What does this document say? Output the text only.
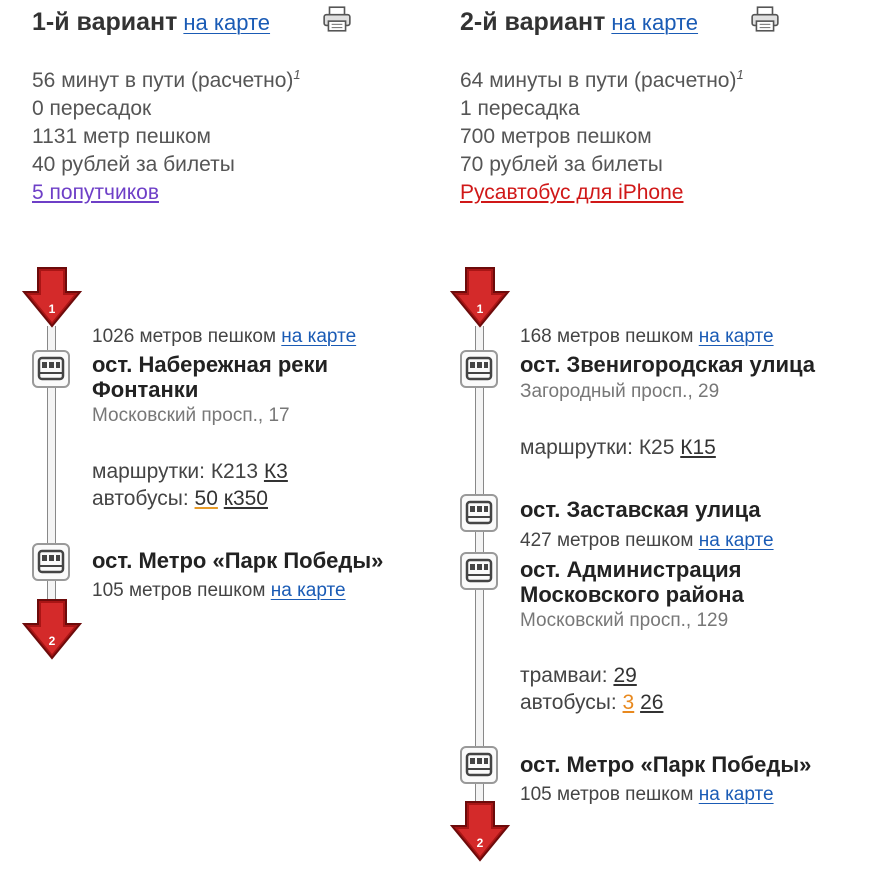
1-й вариант на карте
56 минут в пути (расчетно)$^1$
0 пересадок
1131 метр пешком
40 рублей за билеты
5 попутчиков
1
2
1026 метров пешком на карте
ост. Набережная реки
Фонтанки
Московский просп., 17
маршрутки: К213 К3
автобусы: 50 к350
ост. Метро «Парк Победы»
105 метров пешком на карте
2-й вариант на карте
64 минуты в пути (расчетно)$^1$
1 пересадка
700 метров пешком
70 рублей за билеты
Русавтобус для iPhone
1
2
168 метров пешком на карте
ост. Звенигородская улица
Загородный просп., 29
маршрутки: К25 К15
ост. Заставская улица
427 метров пешком на карте
ост. Администрация
Московского района
Московский просп., 129
трамваи: 29
автобусы: 3 26
ост. Метро «Парк Победы»
105 метров пешком на карте
